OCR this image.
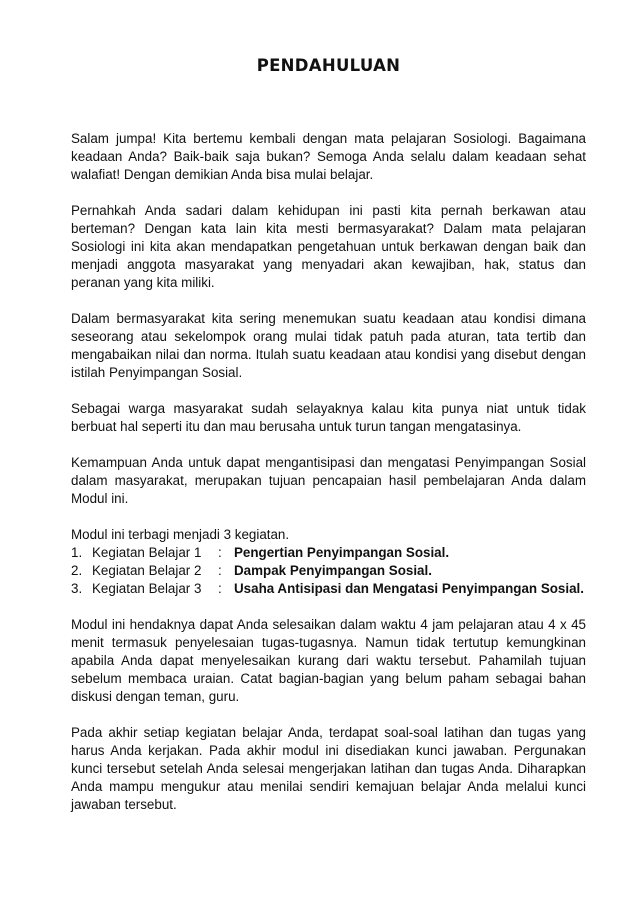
PENDAHULUAN

Salam jumpa! Kita bertemu kembali dengan mata pelajaran Sosiologi. Bagaimana keadaan Anda? Baik-baik saja bukan? Semoga Anda selalu dalam keadaan sehat walafiat! Dengan demikian Anda bisa mulai belajar.

Pernahkah Anda sadari dalam kehidupan ini pasti kita pernah berkawan atau berteman? Dengan kata lain kita mesti bermasyarakat? Dalam mata pelajaran Sosiologi ini kita akan mendapatkan pengetahuan untuk berkawan dengan baik dan menjadi anggota masyarakat yang menyadari akan kewajiban, hak, status dan peranan yang kita miliki.

Dalam bermasyarakat kita sering menemukan suatu keadaan atau kondisi dimana seseorang atau sekelompok orang mulai tidak patuh pada aturan, tata tertib dan mengabaikan nilai dan norma. Itulah suatu keadaan atau kondisi yang disebut dengan istilah Penyimpangan Sosial.

Sebagai warga masyarakat sudah selayaknya kalau kita punya niat untuk tidak berbuat hal seperti itu dan mau berusaha untuk turun tangan mengatasinya.

Kemampuan Anda untuk dapat mengantisipasi dan mengatasi Penyimpangan Sosial dalam masyarakat, merupakan tujuan pencapaian hasil pembelajaran Anda dalam Modul ini.

Modul ini terbagi menjadi 3 kegiatan.
1. Kegiatan Belajar 1	: Pengertian Penyimpangan Sosial.
2. Kegiatan Belajar 2	: Dampak Penyimpangan Sosial.
3. Kegiatan Belajar 3	: Usaha Antisipasi dan Mengatasi Penyimpangan Sosial.

Modul ini hendaknya dapat Anda selesaikan dalam waktu 4 jam pelajaran atau 4 x 45 menit termasuk penyelesaian tugas-tugasnya. Namun tidak tertutup kemungkinan apabila Anda dapat menyelesaikan kurang dari waktu tersebut. Pahamilah tujuan sebelum membaca uraian. Catat bagian-bagian yang belum paham sebagai bahan diskusi dengan teman, guru.

Pada akhir setiap kegiatan belajar Anda, terdapat soal-soal latihan dan tugas yang harus Anda kerjakan. Pada akhir modul ini disediakan kunci jawaban. Pergunakan kunci tersebut setelah Anda selesai mengerjakan latihan dan tugas Anda. Diharapkan Anda mampu mengukur atau menilai sendiri kemajuan belajar Anda melalui kunci jawaban tersebut.
